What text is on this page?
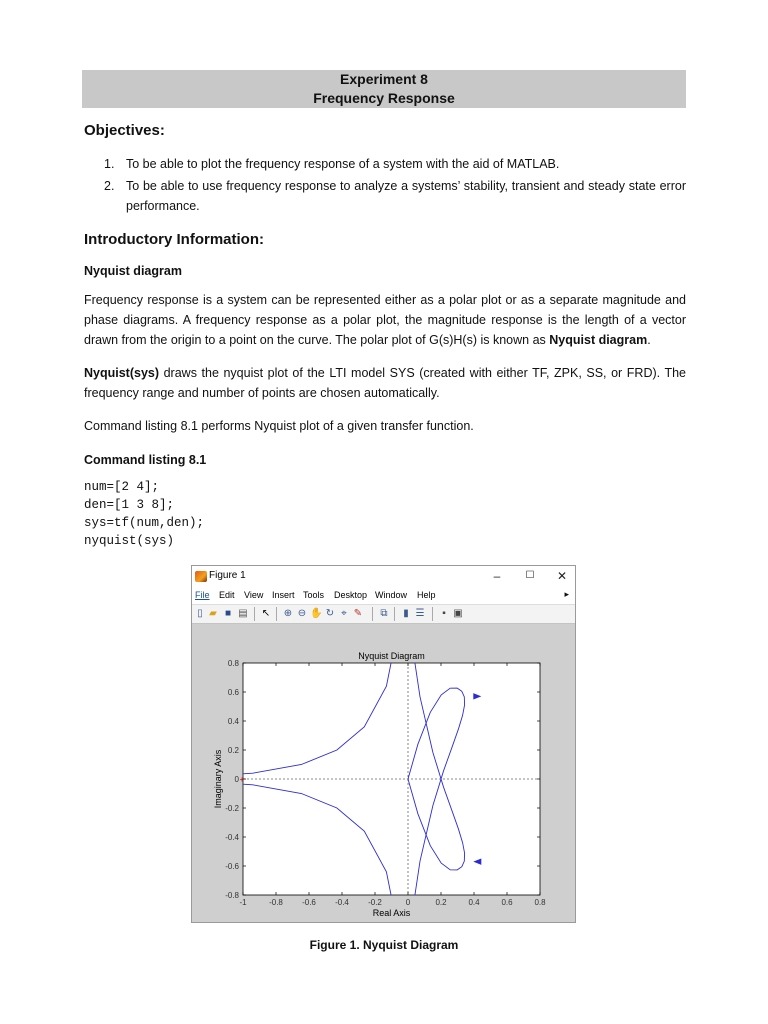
Experiment 8
Frequency Response
Objectives:
1. To be able to plot the frequency response of a system with the aid of MATLAB.
2. To be able to use frequency response to analyze a systems’ stability, transient and steady state error performance.
Introductory Information:
Nyquist diagram
Frequency response is a system can be represented either as a polar plot or as a separate magnitude and phase diagrams. A frequency response as a polar plot, the magnitude response is the length of a vector drawn from the origin to a point on the curve. The polar plot of G(s)H(s) is known as Nyquist diagram.
Nyquist(sys) draws the nyquist plot of the LTI model SYS (created with either TF, ZPK, SS, or FRD). The frequency range and number of points are chosen automatically.
Command listing 8.1 performs Nyquist plot of a given transfer function.
Command listing 8.1
num=[2 4];
den=[1 3 8];
sys=tf(num,den);
nyquist(sys)
Figure 1	–	☐ ✕
File Edit View Insert Tools Desktop Window Help	▸
▯ ▰ ■ ▤ ↖ ⊕ ⊖ ✋ ↻ ⌖ ✎ ⧉	▮ ☰	▪ ▣
-1	-0.8 -0.6 -0.4 -0.2	0	0.2	0.4	0.6	0.8
0.8
0.6
0.4
0.2
0
-0.2
-0.4
-0.6
-0.8
Nyquist Diagram
Real Axis
Imaginary Axis +
Figure 1. Nyquist Diagram
